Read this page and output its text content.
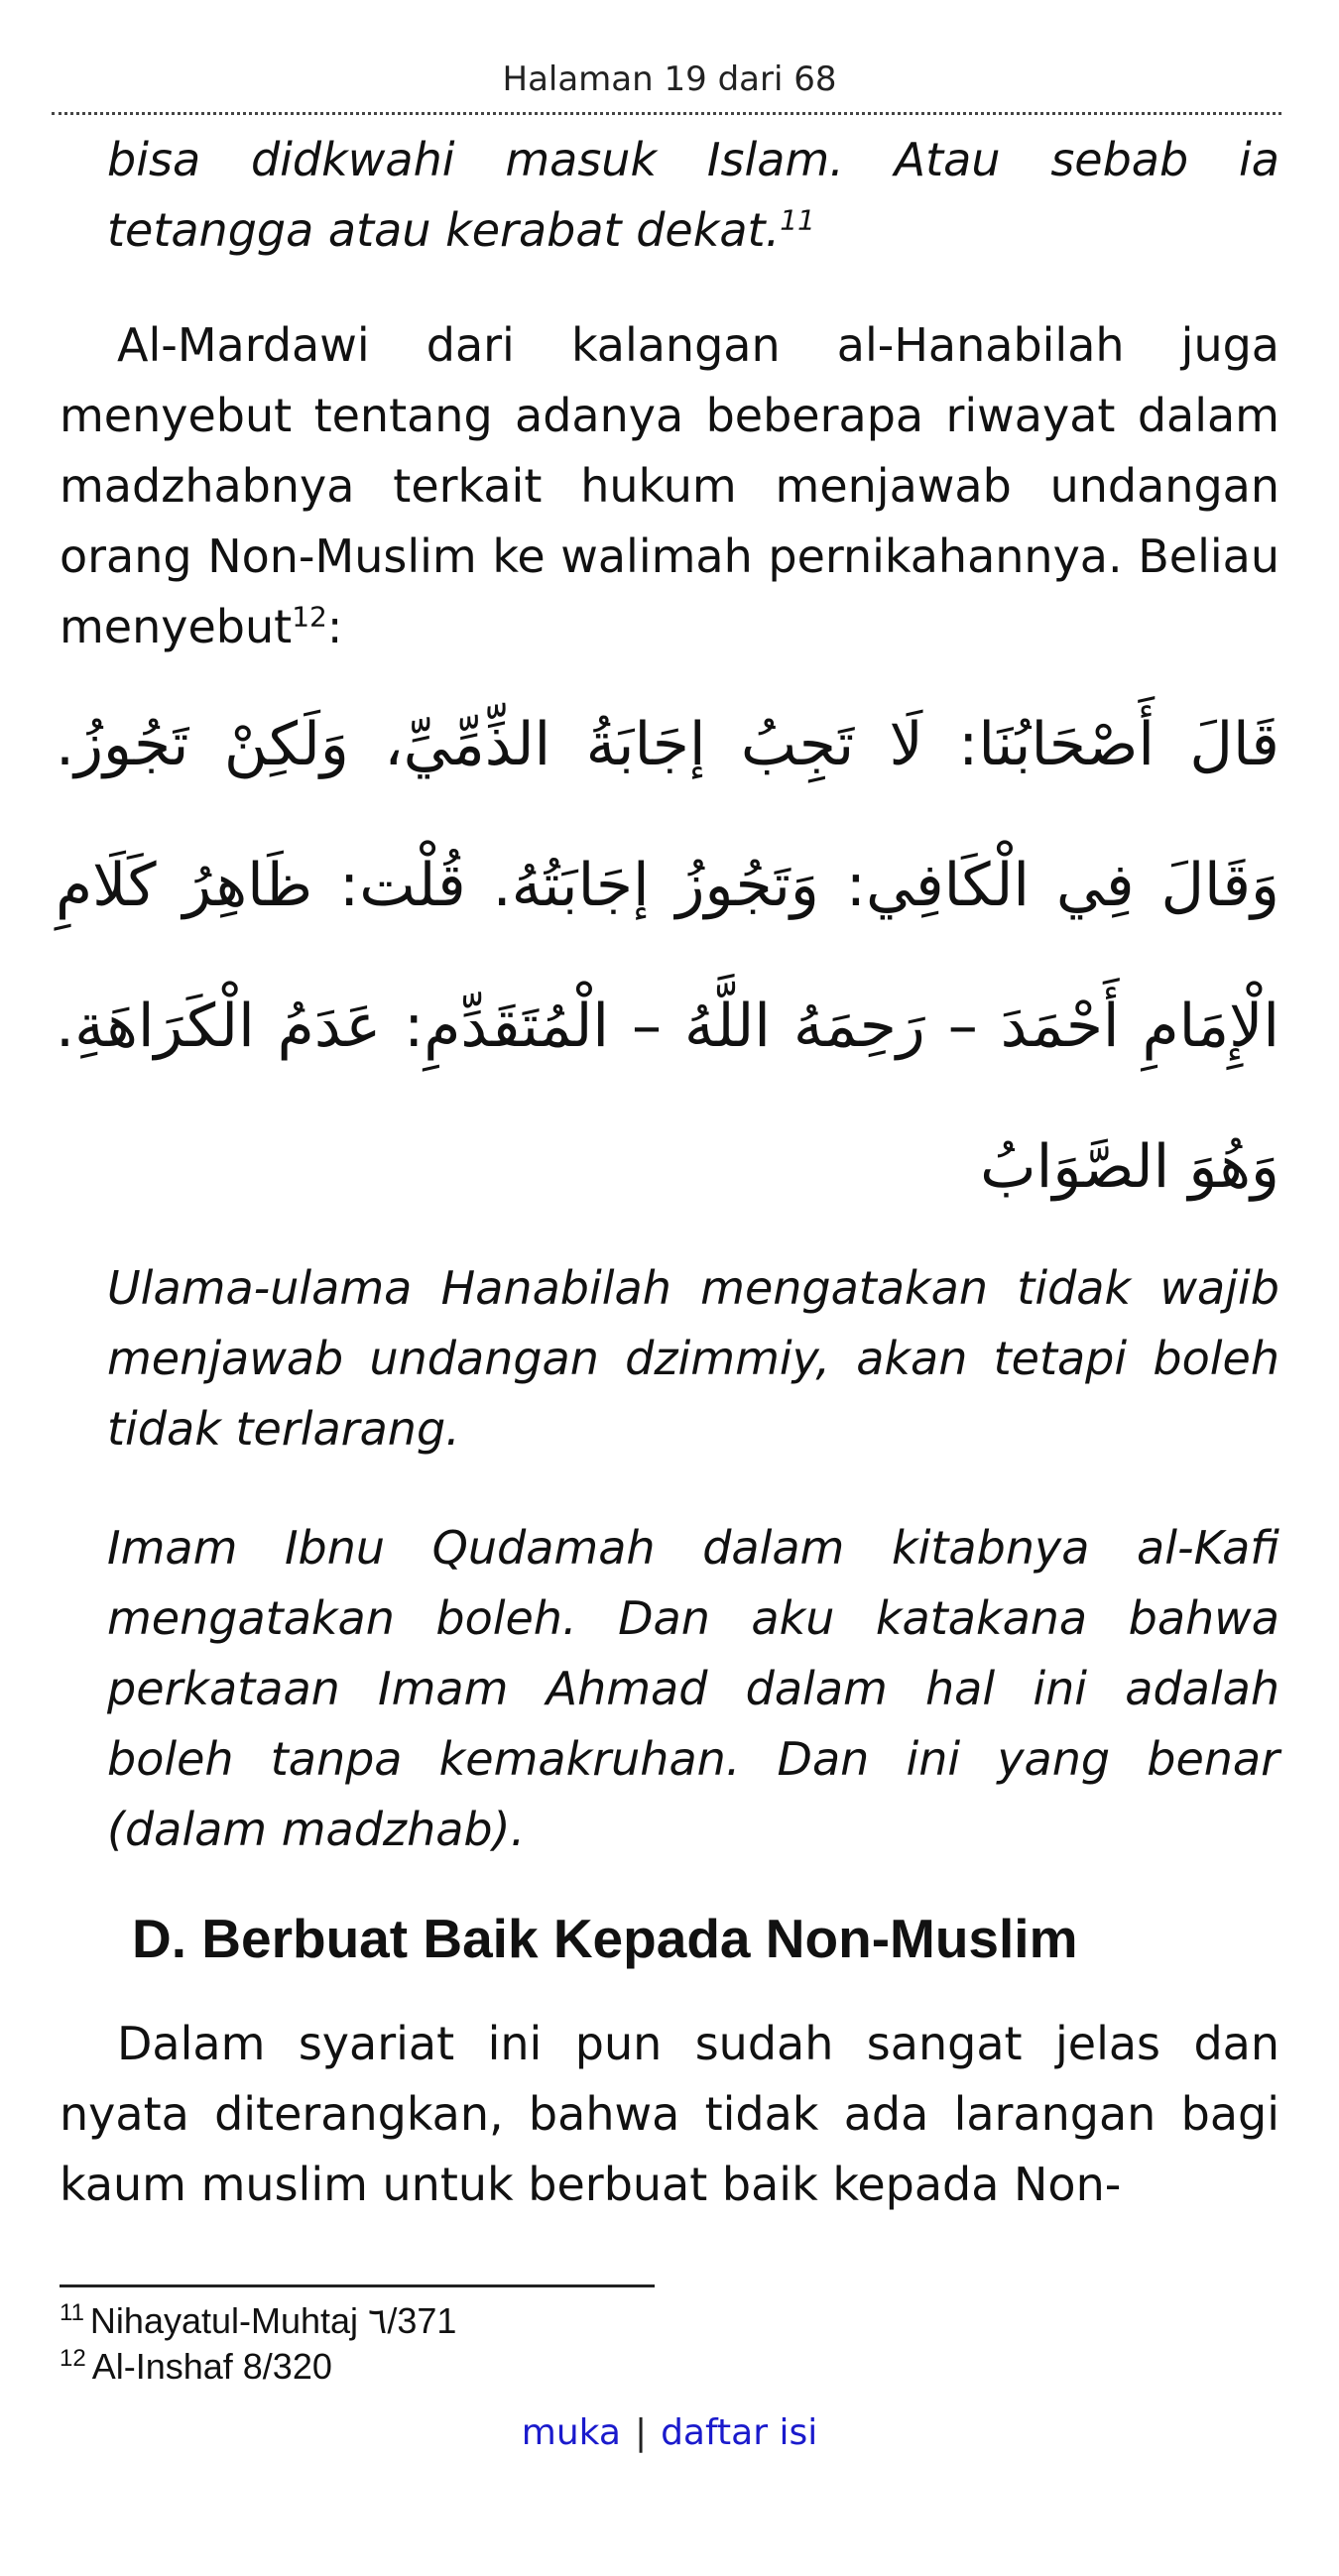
Halaman 19 dari 68
bisa didkwahi masuk Islam. Atau sebab ia tetangga atau kerabat dekat.$^{11}$
Al-Mardawi dari kalangan al-Hanabilah juga menyebut tentang adanya beberapa riwayat dalam madzhabnya terkait hukum menjawab undangan orang Non-Muslim ke walimah pernikahannya. Beliau menyebut$^{12}$:
قَالَ أَصْحَابُنَا: لَا تَجِبُ إجَابَةُ الذِّمِّيِّ، وَلَكِنْ تَجُوزُ. وَقَالَ فِي الْكَافِي: وَتَجُوزُ إجَابَتُهُ. قُلْت: ظَاهِرُ كَلَامِ الْإِمَامِ أَحْمَدَ – رَحِمَهُ اللَّهُ – الْمُتَقَدِّمِ: عَدَمُ الْكَرَاهَةِ. وَهُوَ الصَّوَابُ
Ulama-ulama Hanabilah mengatakan tidak wajib menjawab undangan dzimmiy, akan tetapi boleh tidak terlarang.
Imam Ibnu Qudamah dalam kitabnya al-Kafi mengatakan boleh. Dan aku katakana bahwa perkataan Imam Ahmad dalam hal ini adalah boleh tanpa kemakruhan. Dan ini yang benar (dalam madzhab).
D. Berbuat Baik Kepada Non-Muslim
Dalam syariat ini pun sudah sangat jelas dan nyata diterangkan, bahwa tidak ada larangan bagi kaum muslim untuk berbuat baik kepada Non-
$^{11}$ Nihayatul-Muhtaj ٦/371
$^{12}$ Al-Inshaf 8/320
muka | daftar isi
